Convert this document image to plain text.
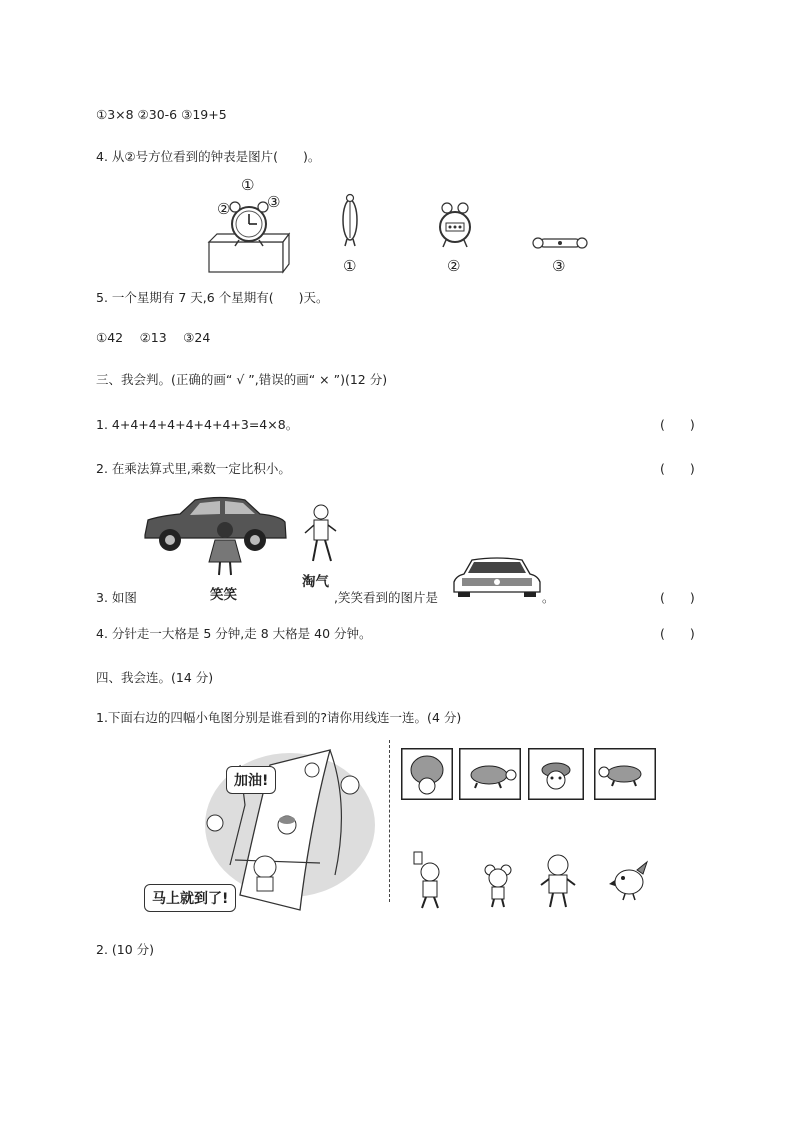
①3×8 ②30-6 ③19+5
4. 从②号方位看到的钟表是图片(　　)。
①
② ③
①	②	③
5. 一个星期有 7 天,6 个星期有(　　)天。
①42　 ②13　 ③24
三、我会判。(正确的画“ √ ”,错误的画“ × ”)(12 分)
1. 4+4+4+4+4+4+4+3=4×8。	(　　)
2. 在乘法算式里,乘数一定比积小。	(　　)
笑笑
淘气
3. 如图	,笑笑看到的图片是	。	(　　)
4. 分针走一大格是 5 分钟,走 8 大格是 40 分钟。	(　　)
四、我会连。(14 分)
1.下面右边的四幅小龟图分别是谁看到的?请你用线连一连。(4 分)
加油!
马上就到了!
2. (10 分)
